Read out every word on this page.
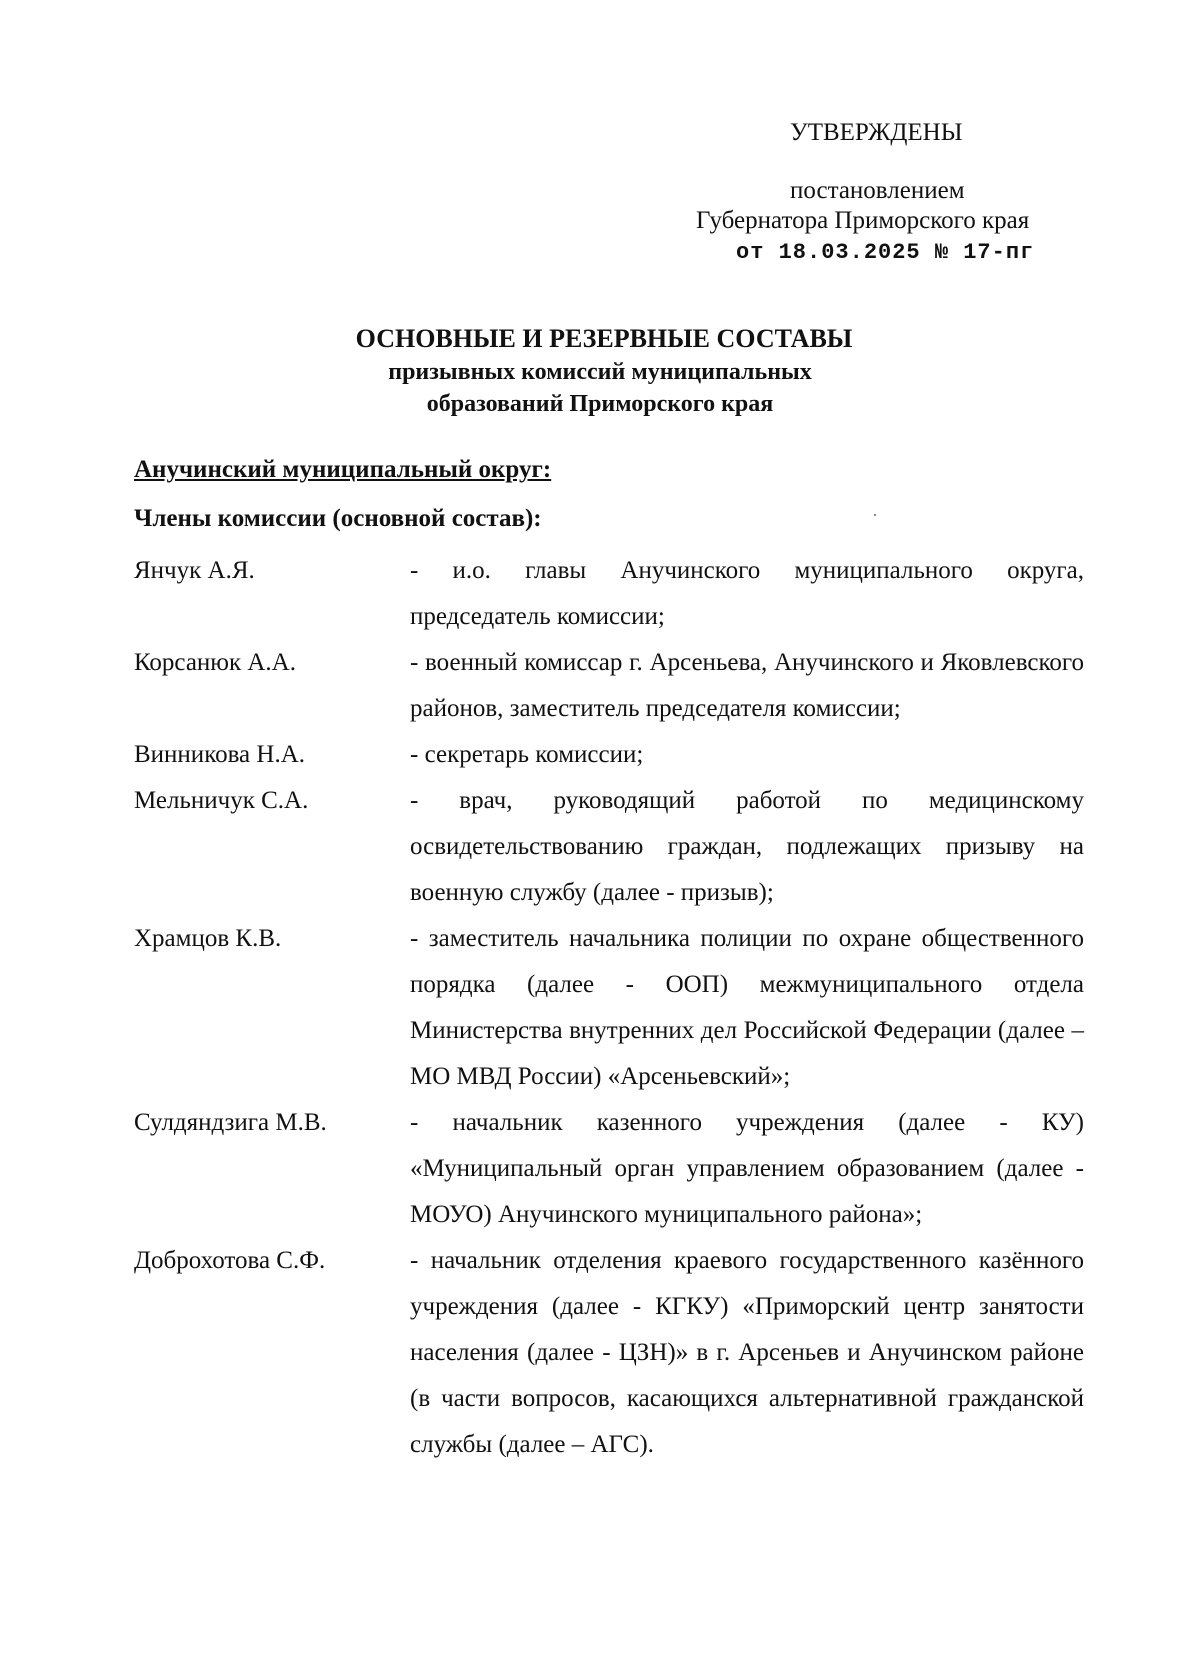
УТВЕРЖДЕНЫ
постановлением
Губернатора Приморского края
от 18.03.2025 № 17-пг
ОСНОВНЫЕ И РЕЗЕРВНЫЕ СОСТАВЫ
призывных комиссий муниципальных
образований Приморского края
Анучинский муниципальный округ:
Члены комиссии (основной состав):
Янчук А.Я.	- и.о. главы Анучинского муниципального округа, председатель комиссии;
Корсанюк А.А.	- военный комиссар г. Арсеньева, Анучинского и Яковлевского районов, заместитель председателя комиссии;
Винникова Н.А.	- секретарь комиссии;
Мельничук С.А.	- врач, руководящий работой по медицинскому освидетельствованию граждан, подлежащих призыву на военную службу (далее - призыв);
Храмцов К.В.	- заместитель начальника полиции по охране общественного порядка (далее - ООП) межмуниципального отдела Министерства внутренних дел Российской Федерации (далее – МО МВД России) «Арсеньевский»;
Сулдяндзига М.В.	- начальник казенного учреждения (далее - КУ) «Муниципальный орган управлением образованием (далее - МОУО) Анучинского муниципального района»;
Доброхотова С.Ф.	- начальник отделения краевого государственного казённого учреждения (далее - КГКУ) «Приморский центр занятости населения (далее - ЦЗН)» в г. Арсеньев и Анучинском районе (в части вопросов, касающихся альтернативной гражданской службы (далее – АГС).
